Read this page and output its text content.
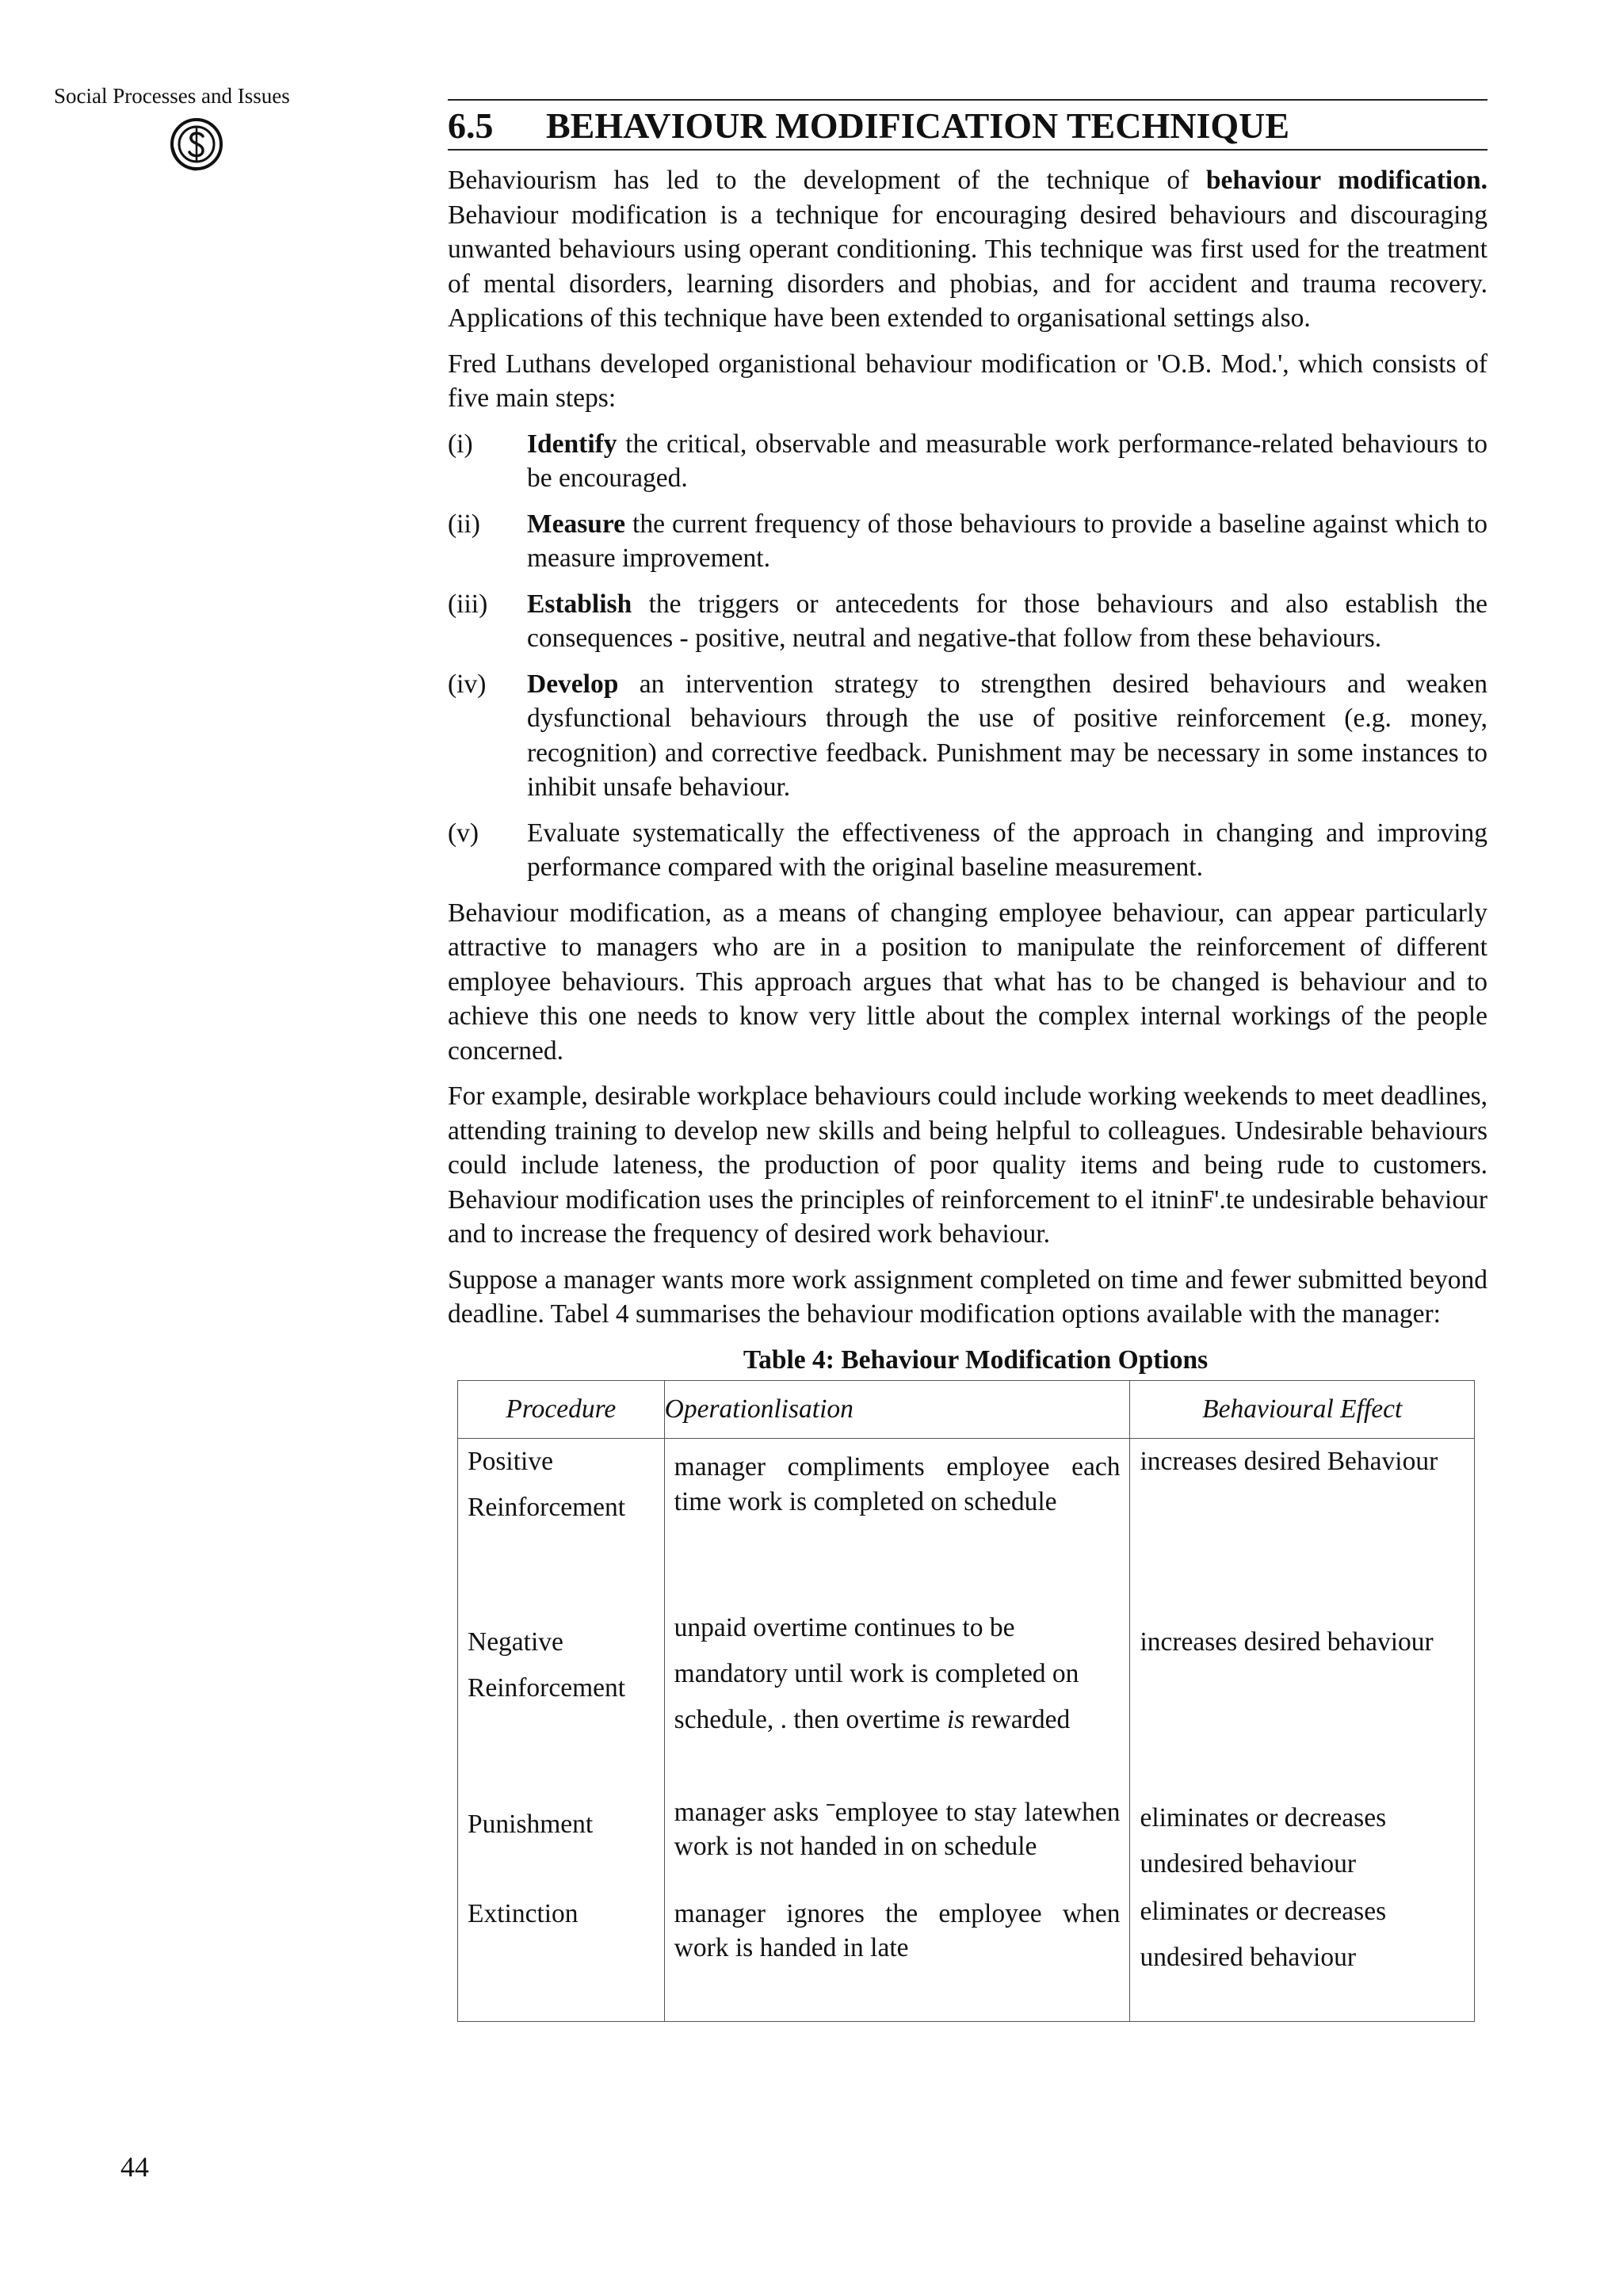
Social Processes and Issues
6.5 BEHAVIOUR MODIFICATION TECHNIQUE

Behaviourism has led to the development of the technique of behaviour modification. Behaviour modification is a technique for encouraging desired behaviours and discouraging unwanted behaviours using operant conditioning. This technique was first used for the treatment of mental disorders, learning disorders and phobias, and for accident and trauma recovery. Applications of this technique have been extended to organisational settings also.

Fred Luthans developed organistional behaviour modification or 'O.B. Mod.', which consists of five main steps:

(i)	Identify the critical, observable and measurable work performance-related behaviours to be encouraged.
(ii)	Measure the current frequency of those behaviours to provide a baseline against which to measure improvement.
(iii)	Establish the triggers or antecedents for those behaviours and also establish the consequences - positive, neutral and negative-that follow from these behaviours.
(iv)	Develop an intervention strategy to strengthen desired behaviours and weaken dysfunctional behaviours through the use of positive reinforcement (e.g. money, recognition) and corrective feedback. Punishment may be necessary in some instances to inhibit unsafe behaviour.
(v)	Evaluate systematically the effectiveness of the approach in changing and improving performance compared with the original baseline measurement.

Behaviour modification, as a means of changing employee behaviour, can appear particularly attractive to managers who are in a position to manipulate the reinforcement of different employee behaviours. This approach argues that what has to be changed is behaviour and to achieve this one needs to know very little about the complex internal workings of the people concerned.

For example, desirable workplace behaviours could include working weekends to meet deadlines, attending training to develop new skills and being helpful to colleagues. Undesirable behaviours could include lateness, the production of poor quality items and being rude to customers. Behaviour modification uses the principles of reinforcement to el itninF'.te undesirable behaviour and to increase the frequency of desired work behaviour.

Suppose a manager wants more work assignment completed on time and fewer submitted beyond deadline. Tabel 4 summarises the behaviour modification options available with the manager:

Table 4: Behaviour Modification Options
Procedure	Operationlisation	Behavioural Effect
Positive Reinforcement	manager compliments employee each time work is completed on schedule	increases desired Behaviour
Negative Reinforcement	unpaid overtime continues to be mandatory until work is completed on schedule, . then overtime is rewarded	increases desired behaviour
Punishment	manager asks ˉemployee to stay latewhen work is not handed in on schedule	eliminates or decreases undesired behaviour
Extinction	manager ignores the employee when work is handed in late	eliminates or decreases undesired behaviour
44
